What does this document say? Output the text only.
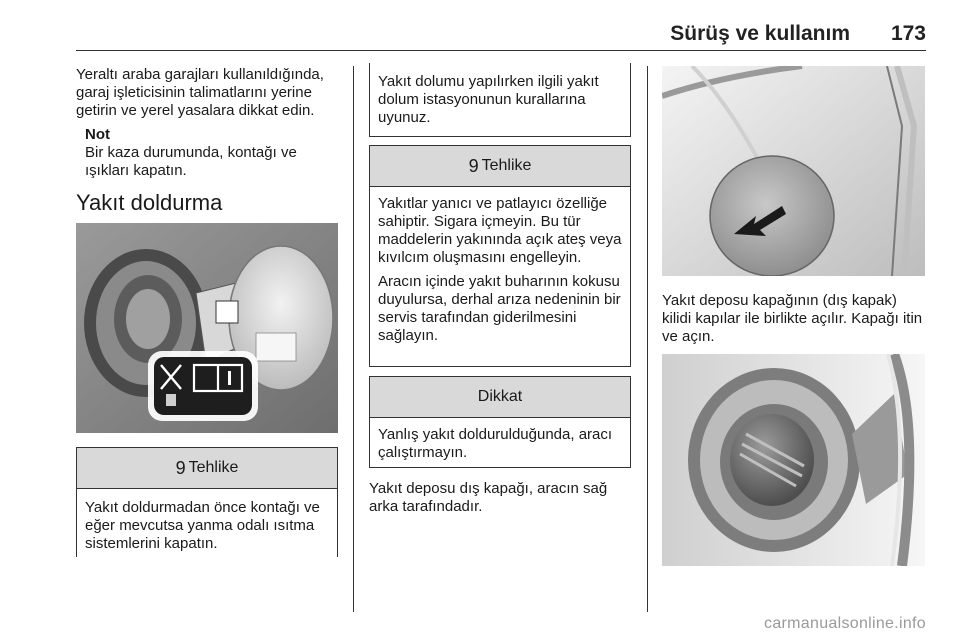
Sürüş ve kullanım 173

Yeraltı araba garajları kullanıldığında, garaj işleticisinin talimatlarını yerine getirin ve yerel yasalara dikkat edin.

Not
Bir kaza durumunda, kontağı ve ışıkları kapatın.
Yakıt doldurma
9 Tehlike

Yakıt doldurmadan önce kontağı ve eğer mevcutsa yanma odalı ısıtma sistemlerini kapatın.

Yakıt dolumu yapılırken ilgili yakıt dolum istasyonunun kurallarına uyunuz.

9 Tehlike

Yakıtlar yanıcı ve patlayıcı özelliğe sahiptir. Sigara içmeyin. Bu tür maddelerin yakınında açık ateş veya kıvılcım oluşmasını engelleyin.

Aracın içinde yakıt buharının kokusu duyulursa, derhal arıza nedeninin bir servis tarafından giderilmesini sağlayın.

Dikkat

Yanlış yakıt doldurulduğunda, aracı çalıştırmayın.

Yakıt deposu dış kapağı, aracın sağ arka tarafındadır.

Yakıt deposu kapağının (dış kapak) kilidi kapılar ile birlikte açılır. Kapağı itin ve açın.

carmanualsonline.info
